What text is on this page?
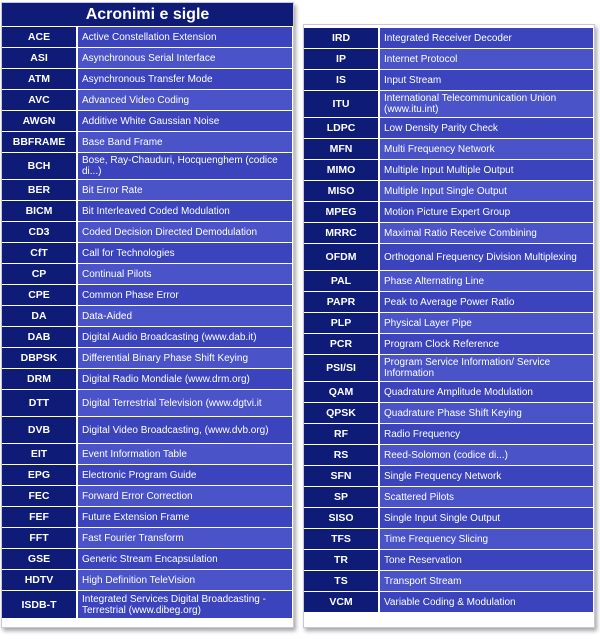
Acronimi e sigle
ACE	Active Constellation Extension
ASI	Asynchronous Serial Interface
ATM	Asynchronous Transfer Mode
AVC	Advanced Video Coding
AWGN	Additive White Gaussian Noise
BBFRAME	Base Band Frame
BCH	Bose, Ray-Chauduri, Hocquenghem (codice di...)
BER	Bit Error Rate
BICM	Bit Interleaved Coded Modulation
CD3	Coded Decision Directed Demodulation
CfT	Call for Technologies
CP	Continual Pilots
CPE	Common Phase Error
DA	Data-Aided
DAB	Digital Audio Broadcasting (www.dab.it)
DBPSK	Differential Binary Phase Shift Keying
DRM	Digital Radio Mondiale (www.drm.org)
DTT	Digital Terrestrial Television (www.dgtvi.it
DVB	Digital Video Broadcasting, (www.dvb.org)
EIT	Event Information Table
EPG	Electronic Program Guide
FEC	Forward Error Correction
FEF	Future Extension Frame
FFT	Fast Fourier Transform
GSE	Generic Stream Encapsulation
HDTV	High Definition TeleVision
ISDB-T	Integrated Services Digital Broadcasting -Terrestrial (www.dibeg.org)
IRD	Integrated Receiver Decoder
IP	Internet Protocol
IS	Input Stream
ITU	International Telecommunication Union (www.itu.int)
LDPC	Low Density Parity Check
MFN	Multi Frequency Network
MIMO	Multiple Input Multiple Output
MISO	Multiple Input Single Output
MPEG	Motion Picture Expert Group
MRRC	Maximal Ratio Receive Combining
OFDM	Orthogonal Frequency Division Multiplexing
PAL	Phase Alternating Line
PAPR	Peak to Average Power Ratio
PLP	Physical Layer Pipe
PCR	Program Clock Reference
PSI/SI	Program Service Information/ Service Information
QAM	Quadrature Amplitude Modulation
QPSK	Quadrature Phase Shift Keying
RF	Radio Frequency
RS	Reed-Solomon (codice di...)
SFN	Single Frequency Network
SP	Scattered Pilots
SISO	Single Input Single Output
TFS	Time Frequency Slicing
TR	Tone Reservation
TS	Transport Stream
VCM	Variable Coding & Modulation
